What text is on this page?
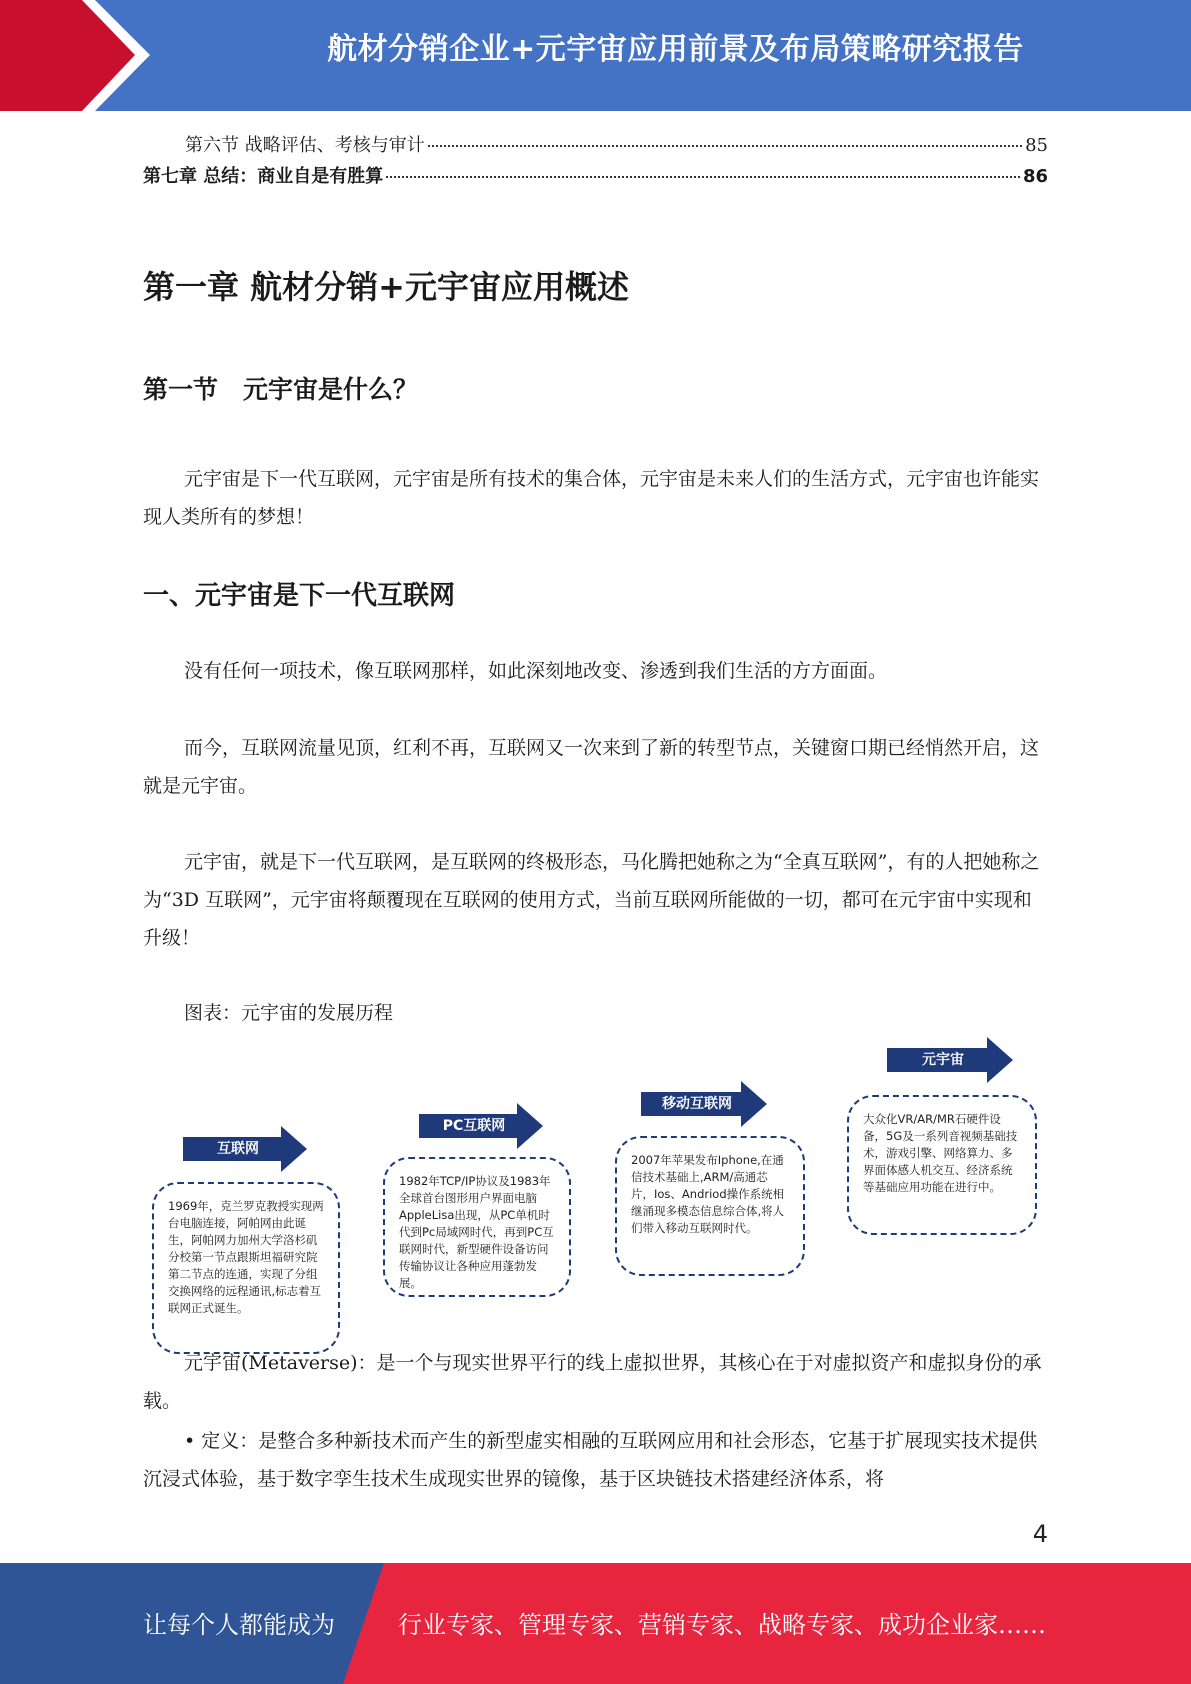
航材分销企业+元宇宙应用前景及布局策略研究报告
第六节 战略评估、考核与审计	85
第七章 总结：商业自是有胜算	86
第一章 航材分销+元宇宙应用概述
第一节　元宇宙是什么？

元宇宙是下一代互联网，元宇宙是所有技术的集合体，元宇宙是未来人们的生活方式，元宇宙也许能实现人类所有的梦想！

一、元宇宙是下一代互联网

没有任何一项技术，像互联网那样，如此深刻地改变、渗透到我们生活的方方面面。

而今，互联网流量见顶，红利不再，互联网又一次来到了新的转型节点，关键窗口期已经悄然开启，这就是元宇宙。

元宇宙，就是下一代互联网，是互联网的终极形态，马化腾把她称之为“全真互联网”，有的人把她称之为“3D 互联网”，元宇宙将颠覆现在互联网的使用方式，当前互联网所能做的一切，都可在元宇宙中实现和升级！

图表：元宇宙的发展历程

互联网
1969年，克兰罗克教授实现两台电脑连接，阿帕网由此诞生，阿帕网力加州大学洛杉矶分校第一节点跟斯坦福研究院第二节点的连通，实现了分组交换网络的远程通讯,标志着互联网正式诞生。
PC互联网
1982年TCP/IP协议及1983年全球首台图形用户界面电脑AppleLisa出现，从PC单机时代到Pc局域网时代，再到PC互联网时代，新型硬件设备访问传输协议让各种应用蓬勃发展。
移动互联网
2007年苹果发布Iphone,在通信技术基础上,ARM/高通芯片，Ios、Andriod操作系统相继涌现多模态信息综合体,将人们带入移动互联网时代。
元宇宙
大众化VR/AR/MR石硬件设备，5G及一系列音视频基础技术，游戏引擎、网络算力、多界面体感人机交互、经济系统等基础应用功能在进行中。

元宇宙(Metaverse)：是一个与现实世界平行的线上虚拟世界，其核心在于对虚拟资产和虚拟身份的承载。

• 定义：是整合多种新技术而产生的新型虚实相融的互联网应用和社会形态，它基于扩展现实技术提供沉浸式体验，基于数字孪生技术生成现实世界的镜像，基于区块链技术搭建经济体系，将

4
让每个人都能成为	行业专家、管理专家、营销专家、战略专家、成功企业家……
